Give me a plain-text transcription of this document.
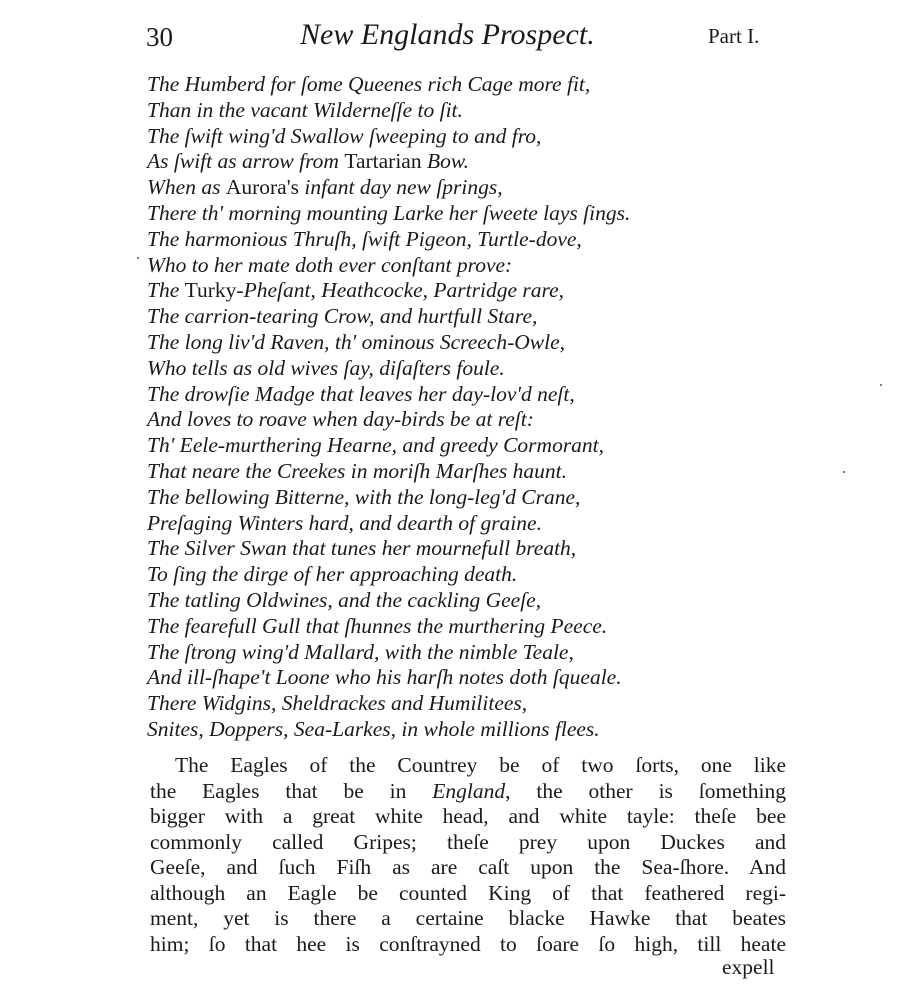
30	New Englands Prospect.	Part I.
The Humberd for ſome Queenes rich Cage more fit,
Than in the vacant Wilderneſſe to ſit.
The ſwift wing'd Swallow ſweeping to and fro,
As ſwift as arrow from Tartarian Bow.
When as Aurora's infant day new ſprings,
There th' morning mounting Larke her ſweete lays ſings.
The harmonious Thruſh, ſwift Pigeon, Turtle-dove,
Who to her mate doth ever conſtant prove:
The Turky-Pheſant, Heathcocke, Partridge rare,
The carrion-tearing Crow, and hurtfull Stare,
The long liv'd Raven, th' ominous Screech-Owle,
Who tells as old wives ſay, diſaſters foule.
The drowſie Madge that leaves her day-lov'd neſt,
And loves to roave when day-birds be at reſt:
Th' Eele-murthering Hearne, and greedy Cormorant,
That neare the Creekes in moriſh Marſhes haunt.
The bellowing Bitterne, with the long-leg'd Crane,
Preſaging Winters hard, and dearth of graine.
The Silver Swan that tunes her mournefull breath,
To ſing the dirge of her approaching death.
The tatling Oldwines, and the cackling Geeſe,
The fearefull Gull that ſhunnes the murthering Peece.
The ſtrong wing'd Mallard, with the nimble Teale,
And ill-ſhape't Loone who his harſh notes doth ſqueale.
There Widgins, Sheldrackes and Humilitees,
Snites, Doppers, Sea-Larkes, in whole millions flees.
The Eagles of the Countrey be of two ſorts, one like
the Eagles that be in England, the other is ſomething
bigger with a great white head, and white tayle: theſe bee
commonly called Gripes; theſe prey upon Duckes and
Geeſe, and ſuch Fiſh as are caſt upon the Sea-ſhore. And
although an Eagle be counted King of that feathered regi-
ment, yet is there a certaine blacke Hawke that beates
him; ſo that hee is conſtrayned to ſoare ſo high, till heate
expell
